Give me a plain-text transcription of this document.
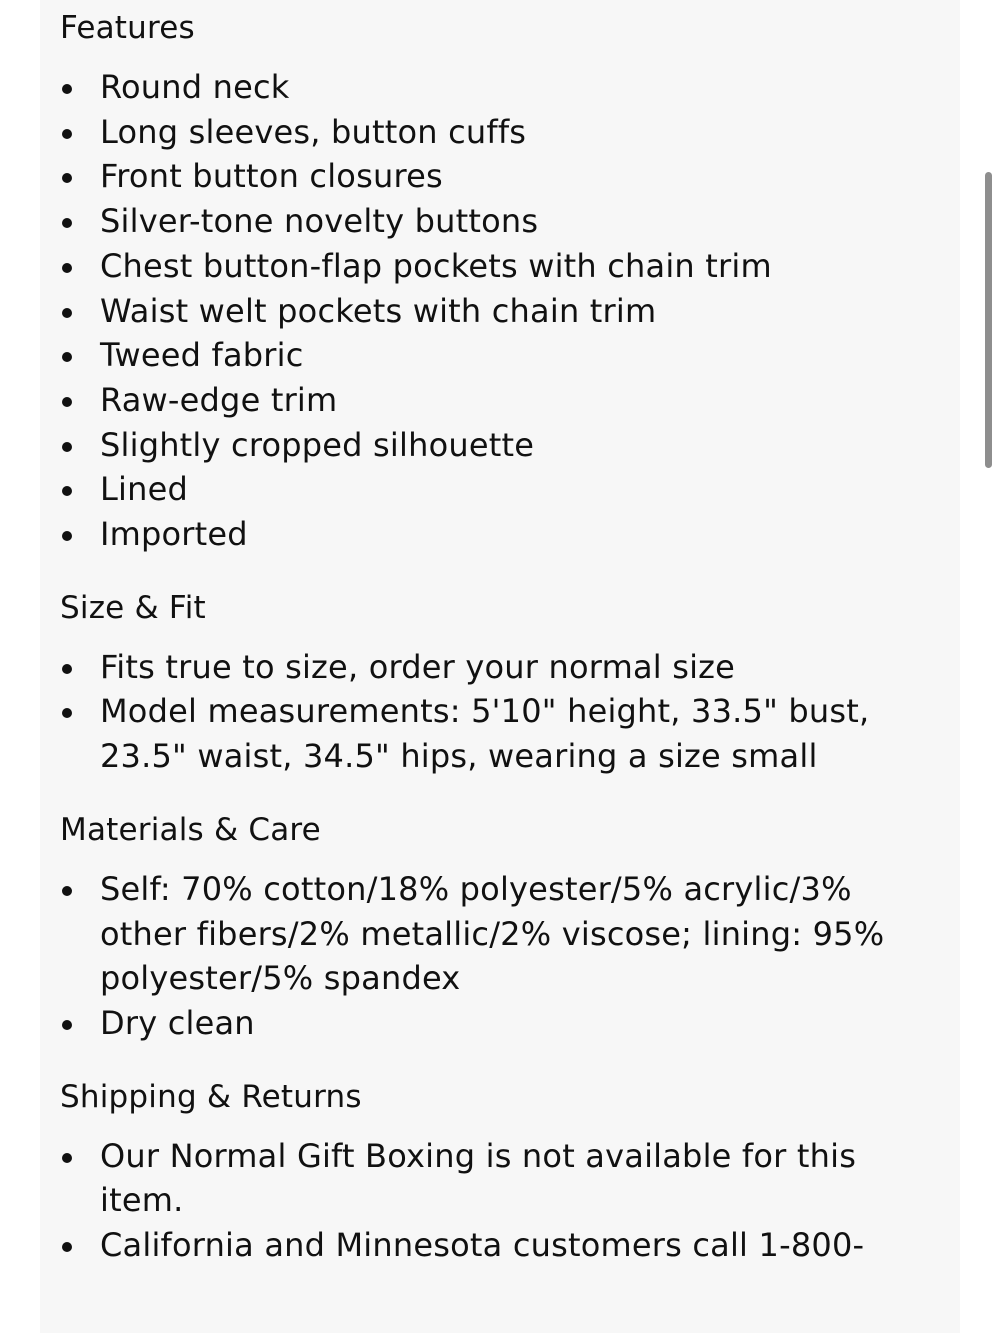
Features
Round neck
Long sleeves, button cuffs
Front button closures
Silver-tone novelty buttons
Chest button-flap pockets with chain trim
Waist welt pockets with chain trim
Tweed fabric
Raw-edge trim
Slightly cropped silhouette
Lined
Imported
Size & Fit
Fits true to size, order your normal size
Model measurements: 5'10" height, 33.5" bust, 23.5" waist, 34.5" hips, wearing a size small
Materials & Care
Self: 70% cotton/18% polyester/5% acrylic/3% other fibers/2% metallic/2% viscose; lining: 95% polyester/5% spandex
Dry clean
Shipping & Returns
Our Normal Gift Boxing is not available for this item.
California and Minnesota customers call 1-800-
